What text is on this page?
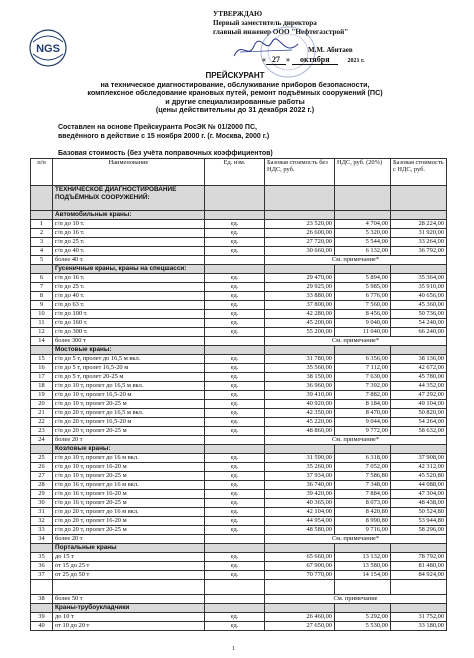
NGS
УТВЕРЖДАЮ
Первый заместитель директора
главный инженер ООО "Нефтегазстрой"
М.М. Абитаев
« 27 » октября	2021 г.
ПРЕЙСКУРАНТ
на техническое диагностирование, обслуживание приборов безопасности,
комплексное обследование крановых путей, ремонт подъёмных сооружений (ПС)
и другие специализированные работы
(цены действительны до 31 декабря 2022 г.)
Составлен на основе Прейскуранта РосЭК № 01/2000 ПС,
введённого в действие с 15 ноября 2000 г. (г. Москва, 2000 г.)
Базовая стоимость (без учёта поправочных коэффициентов)
п/п	Наименование	Ед. изм.	Базовая стоимость без НДС, руб.	НДС, руб. (20%)	Базовая стоимость с НДС, руб.
	ТЕХНИЧЕСКОЕ ДИАГНОСТИРОВАНИЕ ПОДЪЁМНЫХ СООРУЖЕНИЙ:				
	Автомобильные краны:				
1	г/п до 10 т.	ед.	23 520,00	4 704,00	28 224,00
2	г/п до 16 т.	ед.	26 600,00	5 320,00	31 920,00
3	г/п до 25 т.	ед.	27 720,00	5 544,00	33 264,00
4	г/п до 40 т.	ед.	30 660,00	6 132,00	36 792,00
5	более 40 т.		См. примечание*		
	Гусеничные краны, краны на спецшасси:				
6	г/п до 16 т.	ед.	29 470,00	5 894,00	35 364,00
7	г/п до 25 т.	ед.	29 925,00	5 985,00	35 910,00
8	г/п до 40 т.	ед.	33 880,00	6 776,00	40 656,00
9	г/п до 63 т.	ед.	37 800,00	7 560,00	45 360,00
10	г/п до 100 т.	ед.	42 280,00	8 456,00	50 736,00
11	г/п до 160 т.	ед.	45 200,00	9 040,00	54 240,00
12	г/п до 300 т.	ед.	55 200,00	11 040,00	66 240,00
14	более 300 т		См. примечание*		
	Мостовые краны:				
15	г/п до 5 т, пролет до 16,5 м вкл.	ед.	31 780,00	6 356,00	38 136,00
16	г/п до 5 т, пролет 16,5-20 м	ед.	35 560,00	7 112,00	42 672,00
17	г/п до 5 т, пролет 20-25 м	ед.	38 150,00	7 630,00	45 780,00
18	г/п до 10 т, пролет до 16,5 м вкл.	ед.	36 960,00	7 392,00	44 352,00
19	г/п до 10 т, пролет 16,5-20 м	ед.	39 410,00	7 882,00	47 292,00
20	г/п до 10 т, пролет 20-25 м	ед.	40 920,00	8 184,00	49 104,00
21	г/п до 20 т, пролет до 16,5 м вкл.	ед.	42 350,00	8 470,00	50 820,00
22	г/п до 20 т, пролет 16,5-20 м	ед.	45 220,00	9 044,00	54 264,00
23	г/п до 20 т, пролет 20-25 м	ед.	48 860,00	9 772,00	58 632,00
24	более 20 т		См. примечание*		
	Козловые краны:				
25	г/п до 10 т, пролет до 16 м вкл.	ед.	31 590,00	6 318,00	37 908,00
26	г/п до 10 т, пролет 16-20 м	ед.	35 260,00	7 052,00	42 312,00
27	г/п до 10 т, пролет 20-25 м	ед.	37 934,00	7 586,80	45 520,80
28	г/п до 16 т, пролет до 16 м вкл.	ед.	36 740,00	7 348,00	44 088,00
29	г/п до 16 т, пролет 16-20 м	ед.	39 420,00	7 884,00	47 304,00
30	г/п до 16 т, пролет 20-25 м	ед.	40 365,00	8 073,00	48 438,00
31	г/п до 20 т, пролет до 16 м вкл.	ед.	42 104,00	8 420,80	50 524,80
32	г/п до 20 т, пролет 16-20 м	ед.	44 954,00	8 990,80	53 944,80
33	г/п до 20 т, пролет 20-25 м	ед.	48 580,00	9 716,00	58 296,00
34	более 20 т		См. примечание*		
	Портальные краны				
35	до 15 т	ед.	65 660,00	13 132,00	78 792,00
36	от 15 до 25 т	ед.	67 900,00	13 580,00	81 480,00
37	от 25 до 50 т	ед.	70 770,00	14 154,00	84 924,00

38	более 50 т		См. примечание		
	Краны-трубоукладчики				
39	до 10 т	ед.	26 460,00	5 292,00	31 752,00
40	от 10 до 20 т	ед.	27 650,00	5 530,00	33 180,00
1
